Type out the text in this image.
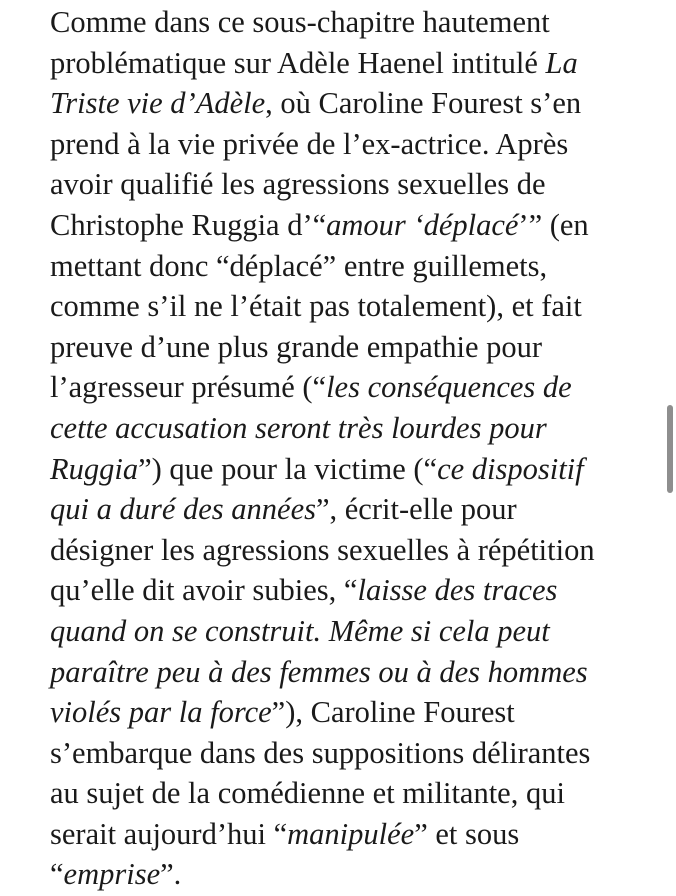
Comme dans ce sous-chapitre hautement
problématique sur Adèle Haenel intitulé La
Triste vie d’Adèle, où Caroline Fourest s’en
prend à la vie privée de l’ex-actrice. Après
avoir qualifié les agressions sexuelles de
Christophe Ruggia d’“amour ‘déplacé’” (en
mettant donc “déplacé” entre guillemets,
comme s’il ne l’était pas totalement), et fait
preuve d’une plus grande empathie pour
l’agresseur présumé (“les conséquences de
cette accusation seront très lourdes pour
Ruggia”) que pour la victime (“ce dispositif
qui a duré des années”, écrit-elle pour
désigner les agressions sexuelles à répétition
qu’elle dit avoir subies, “laisse des traces
quand on se construit. Même si cela peut
paraître peu à des femmes ou à des hommes
violés par la force”), Caroline Fourest
s’embarque dans des suppositions délirantes
au sujet de la comédienne et militante, qui
serait aujourd’hui “manipulée” et sous
“emprise”.
